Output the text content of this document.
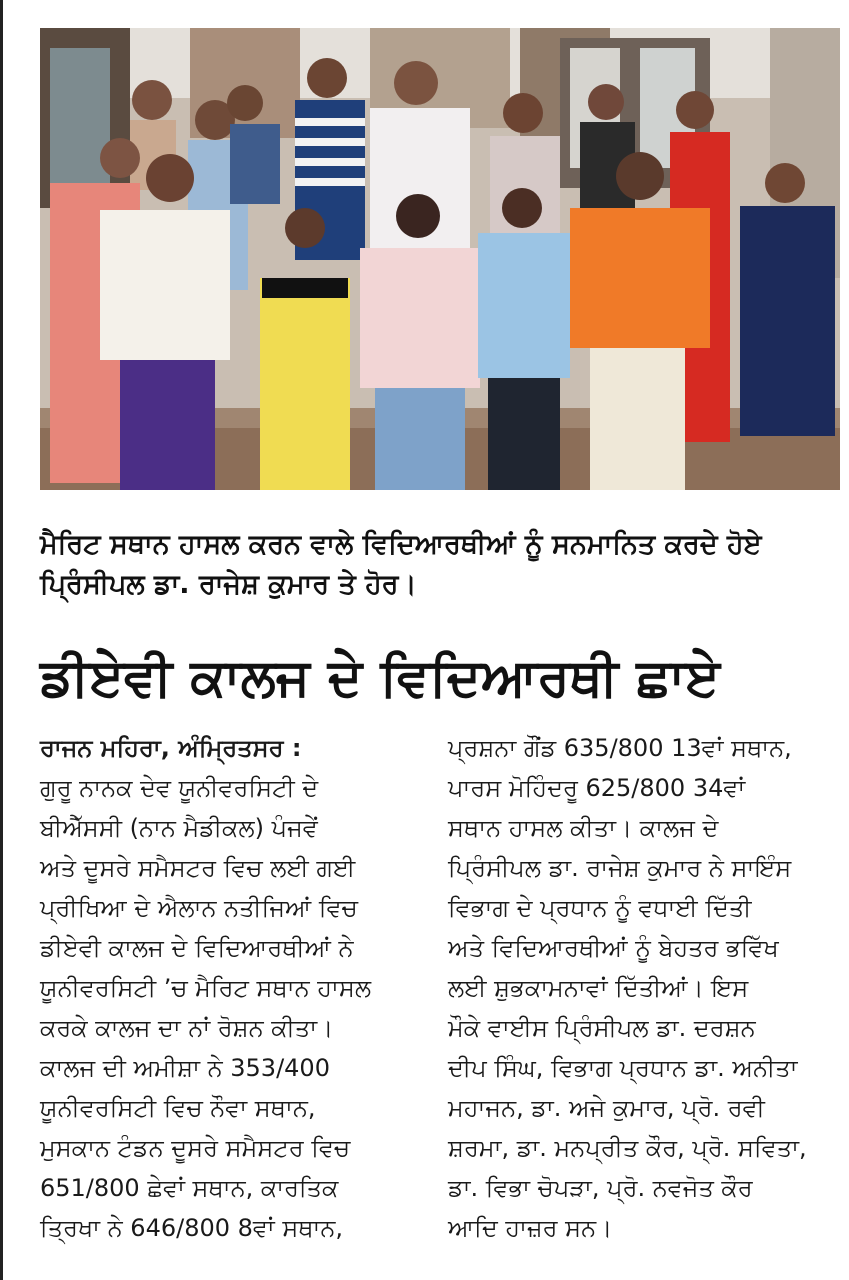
ਮੈਰਿਟ ਸਥਾਨ ਹਾਸਲ ਕਰਨ ਵਾਲੇ ਵਿਦਿਆਰਥੀਆਂ ਨੂੰ ਸਨਮਾਨਿਤ ਕਰਦੇ ਹੋਏ
ਪ੍ਰਿੰਸੀਪਲ ਡਾ. ਰਾਜੇਸ਼ ਕੁਮਾਰ ਤੇ ਹੋਰ।
ਡੀਏਵੀ ਕਾਲਜ ਦੇ ਵਿਦਿਆਰਥੀ ਛਾਏ
ਰਾਜਨ ਮਹਿਰਾ, ਅੰਮ੍ਰਿਤਸਰ :
ਗੁਰੂ ਨਾਨਕ ਦੇਵ ਯੂਨੀਵਰਸਿਟੀ ਦੇ
ਬੀਐੱਸਸੀ (ਨਾਨ ਮੈਡੀਕਲ) ਪੰਜਵੇਂ
ਅਤੇ ਦੂਸਰੇ ਸਮੈਸਟਰ ਵਿਚ ਲਈ ਗਈ
ਪ੍ਰੀਖਿਆ ਦੇ ਐਲਾਨ ਨਤੀਜਿਆਂ ਵਿਚ
ਡੀਏਵੀ ਕਾਲਜ ਦੇ ਵਿਦਿਆਰਥੀਆਂ ਨੇ
ਯੂਨੀਵਰਸਿਟੀ ’ਚ ਮੈਰਿਟ ਸਥਾਨ ਹਾਸਲ
ਕਰਕੇ ਕਾਲਜ ਦਾ ਨਾਂ ਰੋਸ਼ਨ ਕੀਤਾ।
ਕਾਲਜ ਦੀ ਅਮੀਸ਼ਾ ਨੇ 353/400
ਯੂਨੀਵਰਸਿਟੀ ਵਿਚ ਨੌਵਾ ਸਥਾਨ,
ਮੁਸਕਾਨ ਟੰਡਨ ਦੂਸਰੇ ਸਮੈਸਟਰ ਵਿਚ
651/800 ਛੇਵਾਂ ਸਥਾਨ, ਕਾਰਤਿਕ
ਤ੍ਰਿਖਾ ਨੇ 646/800 8ਵਾਂ ਸਥਾਨ,
ਪ੍ਰਸ਼ਨਾ ਗੌਂਡ 635/800 13ਵਾਂ ਸਥਾਨ,
ਪਾਰਸ ਮੋਹਿੰਦਰੂ 625/800 34ਵਾਂ
ਸਥਾਨ ਹਾਸਲ ਕੀਤਾ। ਕਾਲਜ ਦੇ
ਪ੍ਰਿੰਸੀਪਲ ਡਾ. ਰਾਜੇਸ਼ ਕੁਮਾਰ ਨੇ ਸਾਇੰਸ
ਵਿਭਾਗ ਦੇ ਪ੍ਰਧਾਨ ਨੂੰ ਵਧਾਈ ਦਿੱਤੀ
ਅਤੇ ਵਿਦਿਆਰਥੀਆਂ ਨੂੰ ਬੇਹਤਰ ਭਵਿੱਖ
ਲਈ ਸ਼ੁਭਕਾਮਨਾਵਾਂ ਦਿੱਤੀਆਂ। ਇਸ
ਮੌਕੇ ਵਾਈਸ ਪ੍ਰਿੰਸੀਪਲ ਡਾ. ਦਰਸ਼ਨ
ਦੀਪ ਸਿੰਘ, ਵਿਭਾਗ ਪ੍ਰਧਾਨ ਡਾ. ਅਨੀਤਾ
ਮਹਾਜਨ, ਡਾ. ਅਜੇ ਕੁਮਾਰ, ਪ੍ਰੋ. ਰਵੀ
ਸ਼ਰਮਾ, ਡਾ. ਮਨਪ੍ਰੀਤ ਕੌਰ, ਪ੍ਰੋ. ਸਵਿਤਾ,
ਡਾ. ਵਿਭਾ ਚੋਪੜਾ, ਪ੍ਰੋ. ਨਵਜੋਤ ਕੌਰ
ਆਦਿ ਹਾਜ਼ਰ ਸਨ।
